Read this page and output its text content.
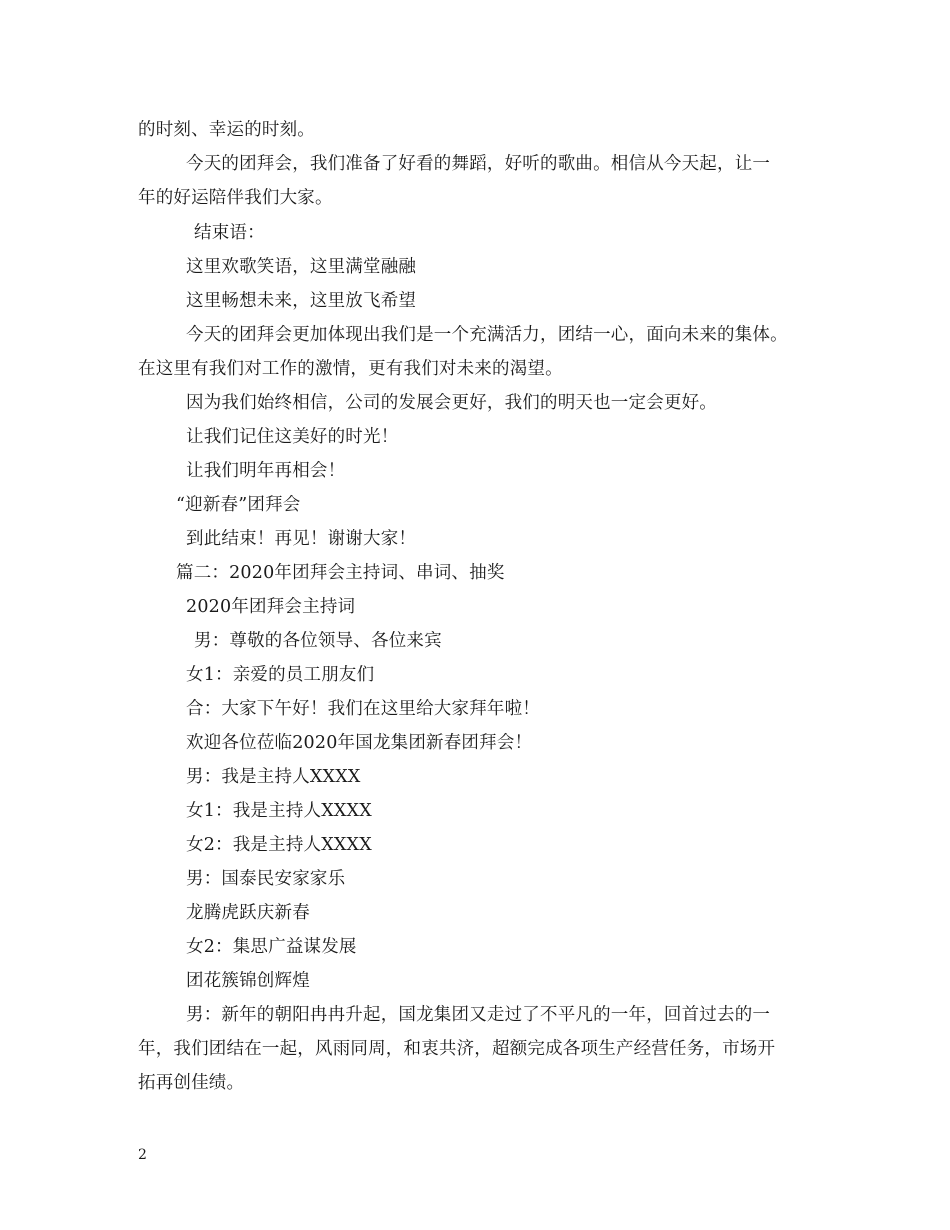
的时刻、幸运的时刻。
今天的团拜会，我们准备了好看的舞蹈，好听的歌曲。相信从今天起，让一
年的好运陪伴我们大家。
结束语：
这里欢歌笑语，这里满堂融融
这里畅想未来，这里放飞希望
今天的团拜会更加体现出我们是一个充满活力，团结一心，面向未来的集体。
在这里有我们对工作的激情，更有我们对未来的渴望。
因为我们始终相信，公司的发展会更好，我们的明天也一定会更好。
让我们记住这美好的时光！
让我们明年再相会！
“迎新春”团拜会
到此结束！再见！谢谢大家！
篇二：2020年团拜会主持词、串词、抽奖
2020年团拜会主持词
男：尊敬的各位领导、各位来宾
女1：亲爱的员工朋友们
合：大家下午好！我们在这里给大家拜年啦！
欢迎各位莅临2020年国龙集团新春团拜会！
男：我是主持人XXXX
女1：我是主持人XXXX
女2：我是主持人XXXX
男：国泰民安家家乐
龙腾虎跃庆新春
女2：集思广益谋发展
团花簇锦创辉煌
男：新年的朝阳冉冉升起，国龙集团又走过了不平凡的一年，回首过去的一
年，我们团结在一起，风雨同周，和衷共济，超额完成各项生产经营任务，市场开
拓再创佳绩。
2
